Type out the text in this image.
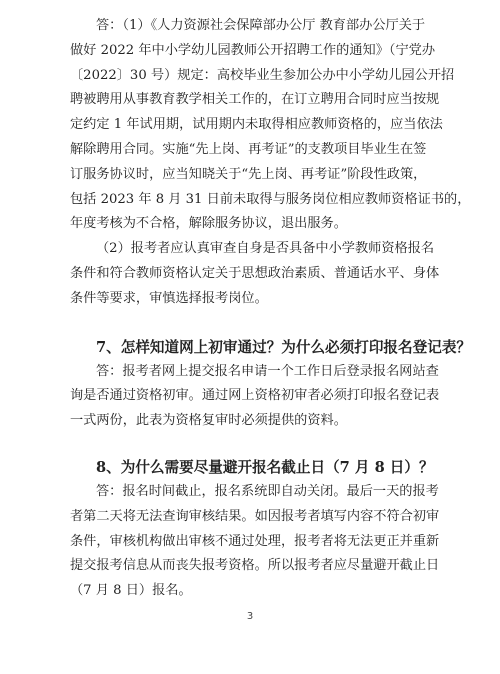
答：（1）《人力资源社会保障部办公厅 教育部办公厅关于
做好 2022 年中小学幼儿园教师公开招聘工作的通知》（宁党办
〔2022〕30 号）规定：高校毕业生参加公办中小学幼儿园公开招
聘被聘用从事教育教学相关工作的，在订立聘用合同时应当按规
定约定 1 年试用期，试用期内未取得相应教师资格的，应当依法
解除聘用合同。实施“先上岗、再考证”的支教项目毕业生在签
订服务协议时，应当知晓关于“先上岗、再考证”阶段性政策，
包括 2023 年 8 月 31 日前未取得与服务岗位相应教师资格证书的，
年度考核为不合格，解除服务协议，退出服务。
（2）报考者应认真审查自身是否具备中小学教师资格报名
条件和符合教师资格认定关于思想政治素质、普通话水平、身体
条件等要求，审慎选择报考岗位。
7、怎样知道网上初审通过？为什么必须打印报名登记表？
答：报考者网上提交报名申请一个工作日后登录报名网站查
询是否通过资格初审。通过网上资格初审者必须打印报名登记表
一式两份，此表为资格复审时必须提供的资料。
8、为什么需要尽量避开报名截止日（7 月 8 日）？
答：报名时间截止，报名系统即自动关闭。最后一天的报考
者第二天将无法查询审核结果。如因报考者填写内容不符合初审
条件，审核机构做出审核不通过处理，报考者将无法更正并重新
提交报考信息从而丧失报考资格。所以报考者应尽量避开截止日
（7 月 8 日）报名。
3
